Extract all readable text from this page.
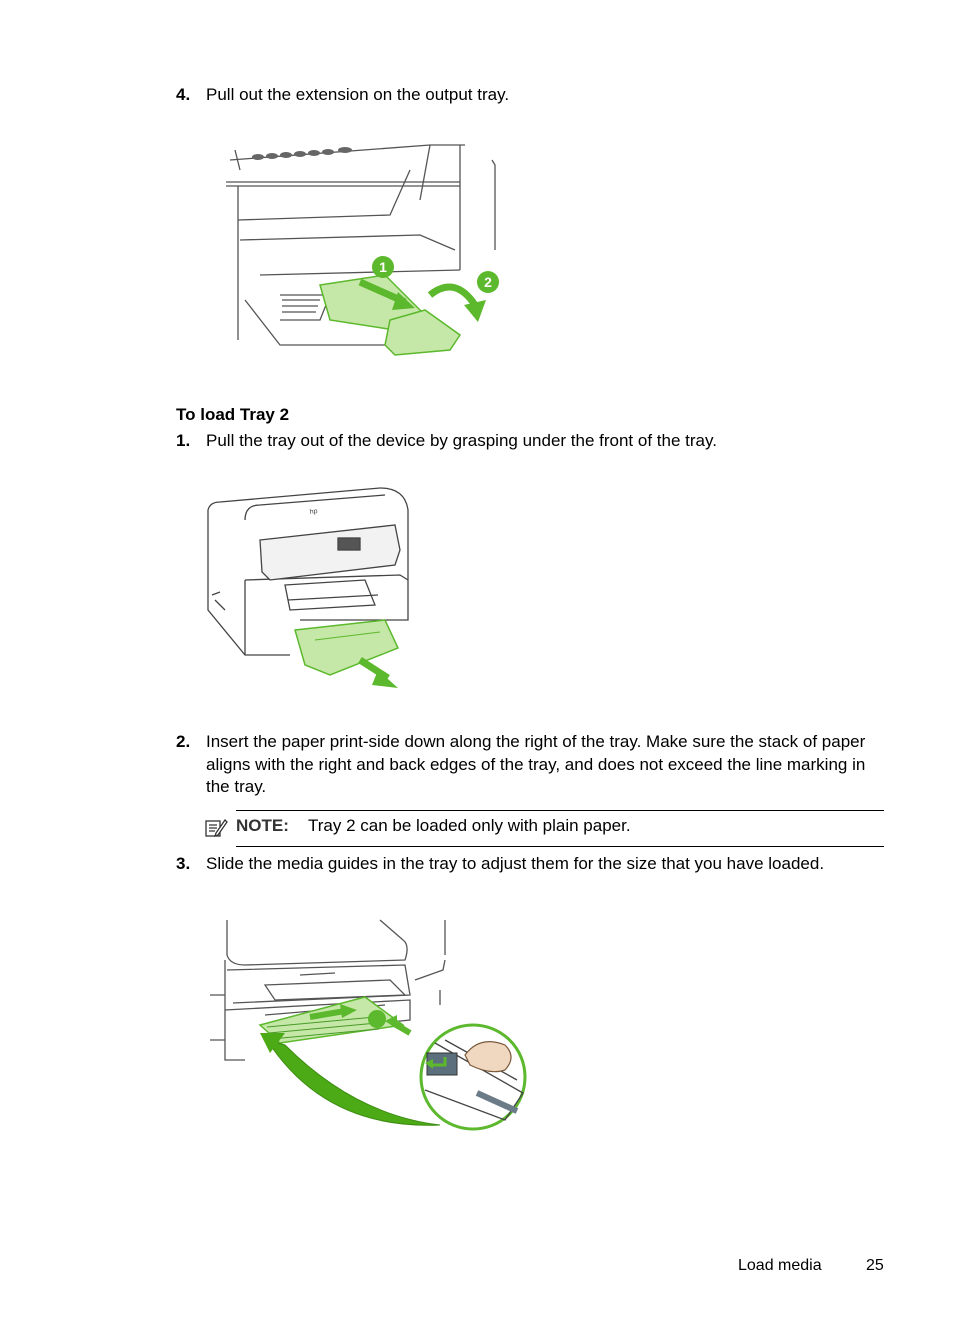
4. Pull out the extension on the output tray.
1
2
To load Tray 2
1. Pull the tray out of the device by grasping under the front of the tray.
hp
2. Insert the paper print-side down along the right of the tray. Make sure the stack of paper aligns with the right and back edges of the tray, and does not exceed the line marking in the tray.
NOTE: Tray 2 can be loaded only with plain paper.
3. Slide the media guides in the tray to adjust them for the size that you have loaded.
Load media	25
